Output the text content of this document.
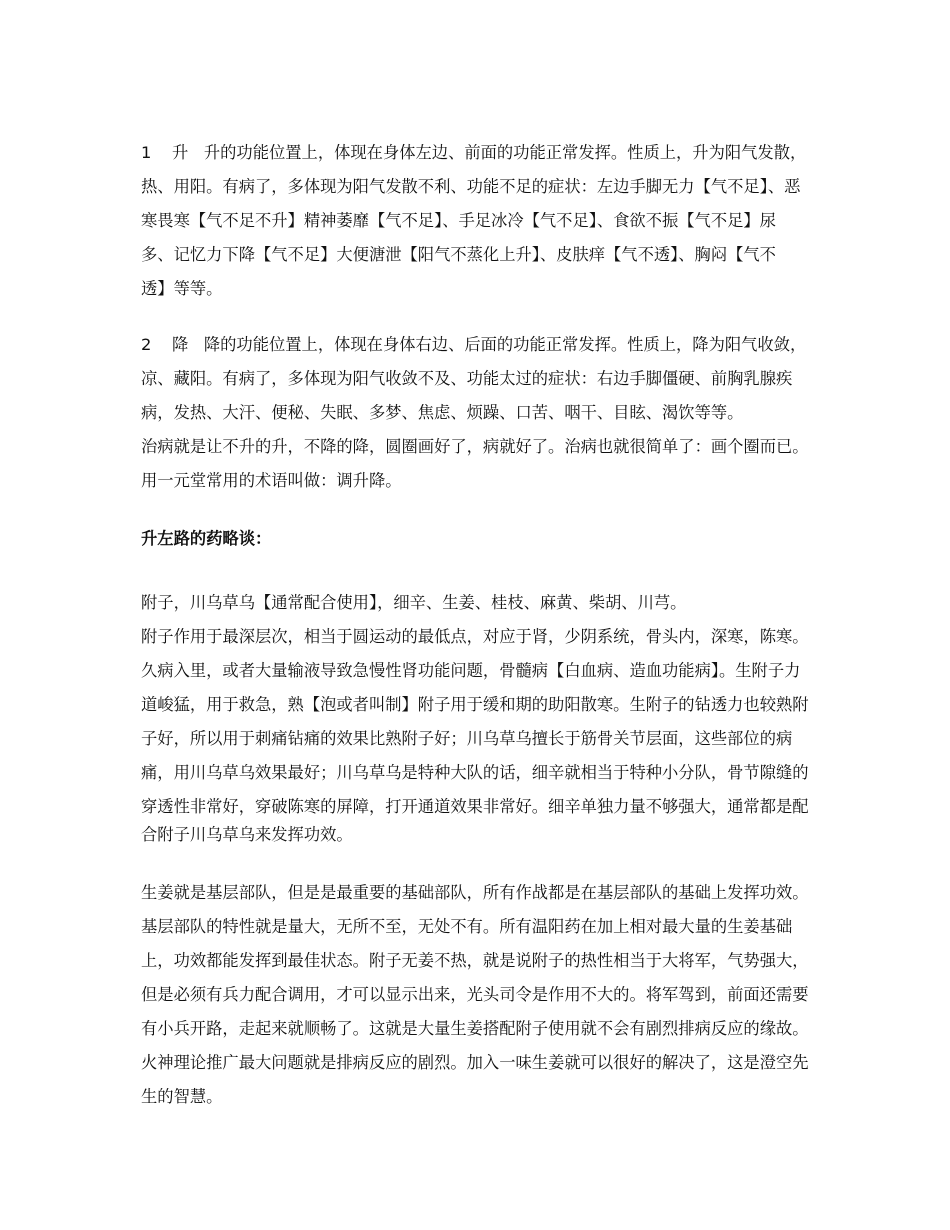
1    升   升的功能位置上，体现在身体左边、前面的功能正常发挥。性质上，升为阳气发散，
热、用阳。有病了，多体现为阳气发散不利、功能不足的症状：左边手脚无力【气不足】、恶
寒畏寒【气不足不升】精神萎靡【气不足】、手足冰冷【气不足】、食欲不振【气不足】尿
多、记忆力下降【气不足】大便溏泄【阳气不蒸化上升】、皮肤痒【气不透】、胸闷【气不
透】等等。
2    降   降的功能位置上，体现在身体右边、后面的功能正常发挥。性质上，降为阳气收敛，
凉、藏阳。有病了，多体现为阳气收敛不及、功能太过的症状：右边手脚僵硬、前胸乳腺疾
病，发热、大汗、便秘、失眠、多梦、焦虑、烦躁、口苦、咽干、目眩、渴饮等等。
治病就是让不升的升，不降的降，圆圈画好了，病就好了。治病也就很简单了：画个圈而已。
用一元堂常用的术语叫做：调升降。
升左路的药略谈：
附子，川乌草乌【通常配合使用】，细辛、生姜、桂枝、麻黄、柴胡、川芎。
附子作用于最深层次，相当于圆运动的最低点，对应于肾，少阴系统，骨头内，深寒，陈寒。
久病入里，或者大量输液导致急慢性肾功能问题，骨髓病【白血病、造血功能病】。生附子力
道峻猛，用于救急，熟【泡或者叫制】附子用于缓和期的助阳散寒。生附子的钻透力也较熟附
子好，所以用于刺痛钻痛的效果比熟附子好；川乌草乌擅长于筋骨关节层面，这些部位的病
痛，用川乌草乌效果最好；川乌草乌是特种大队的话，细辛就相当于特种小分队，骨节隙缝的
穿透性非常好，穿破陈寒的屏障，打开通道效果非常好。细辛单独力量不够强大，通常都是配
合附子川乌草乌来发挥功效。
生姜就是基层部队，但是是最重要的基础部队，所有作战都是在基层部队的基础上发挥功效。
基层部队的特性就是量大，无所不至，无处不有。所有温阳药在加上相对最大量的生姜基础
上，功效都能发挥到最佳状态。附子无姜不热，就是说附子的热性相当于大将军，气势强大，
但是必须有兵力配合调用，才可以显示出来，光头司令是作用不大的。将军驾到，前面还需要
有小兵开路，走起来就顺畅了。这就是大量生姜搭配附子使用就不会有剧烈排病反应的缘故。
火神理论推广最大问题就是排病反应的剧烈。加入一味生姜就可以很好的解决了，这是澄空先
生的智慧。
